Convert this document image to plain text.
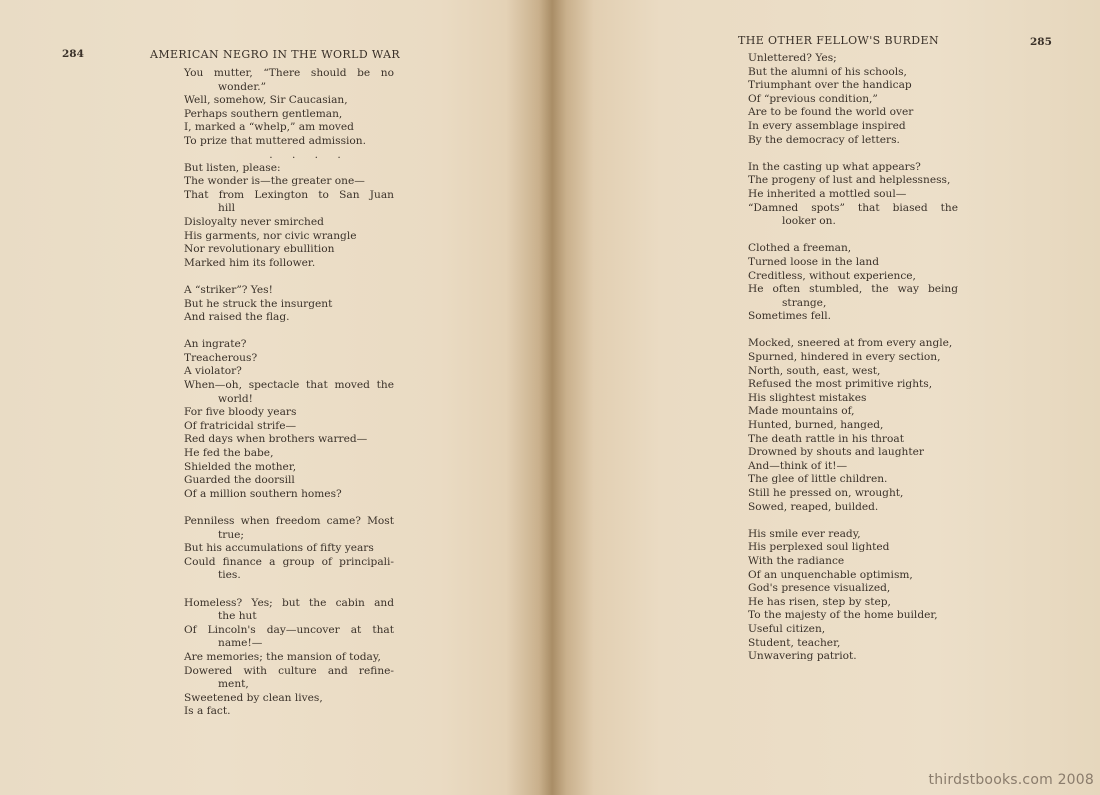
284	AMERICAN NEGRO IN THE WORLD WAR
You mutter, “There should be no
wonder.”
Well, somehow, Sir Caucasian,
Perhaps southern gentleman,
I, marked a “whelp,” am moved
To prize that muttered admission.
. . . .
But listen, please:
The wonder is—the greater one—
That from Lexington to San Juan
hill
Disloyalty never smirched
His garments, nor civic wrangle
Nor revolutionary ebullition
Marked him its follower.
A “striker”? Yes!
But he struck the insurgent
And raised the flag.
An ingrate?
Treacherous?
A violator?
When—oh, spectacle that moved the
world!
For five bloody years
Of fratricidal strife—
Red days when brothers warred—
He fed the babe,
Shielded the mother,
Guarded the doorsill
Of a million southern homes?
Penniless when freedom came? Most
true;
But his accumulations of fifty years
Could finance a group of principali-
ties.
Homeless? Yes; but the cabin and
the hut
Of Lincoln's day—uncover at that
name!—
Are memories; the mansion of today,
Dowered with culture and refine-
ment,
Sweetened by clean lives,
Is a fact.
THE OTHER FELLOW'S BURDEN	285
Unlettered? Yes;
But the alumni of his schools,
Triumphant over the handicap
Of “previous condition,”
Are to be found the world over
In every assemblage inspired
By the democracy of letters.
In the casting up what appears?
The progeny of lust and helplessness,
He inherited a mottled soul—
“Damned spots” that biased the
looker on.
Clothed a freeman,
Turned loose in the land
Creditless, without experience,
He often stumbled, the way being
strange,
Sometimes fell.
Mocked, sneered at from every angle,
Spurned, hindered in every section,
North, south, east, west,
Refused the most primitive rights,
His slightest mistakes
Made mountains of,
Hunted, burned, hanged,
The death rattle in his throat
Drowned by shouts and laughter
And—think of it!—
The glee of little children.
Still he pressed on, wrought,
Sowed, reaped, builded.
His smile ever ready,
His perplexed soul lighted
With the radiance
Of an unquenchable optimism,
God's presence visualized,
He has risen, step by step,
To the majesty of the home builder,
Useful citizen,
Student, teacher,
Unwavering patriot.
thirdstbooks.com 2008
